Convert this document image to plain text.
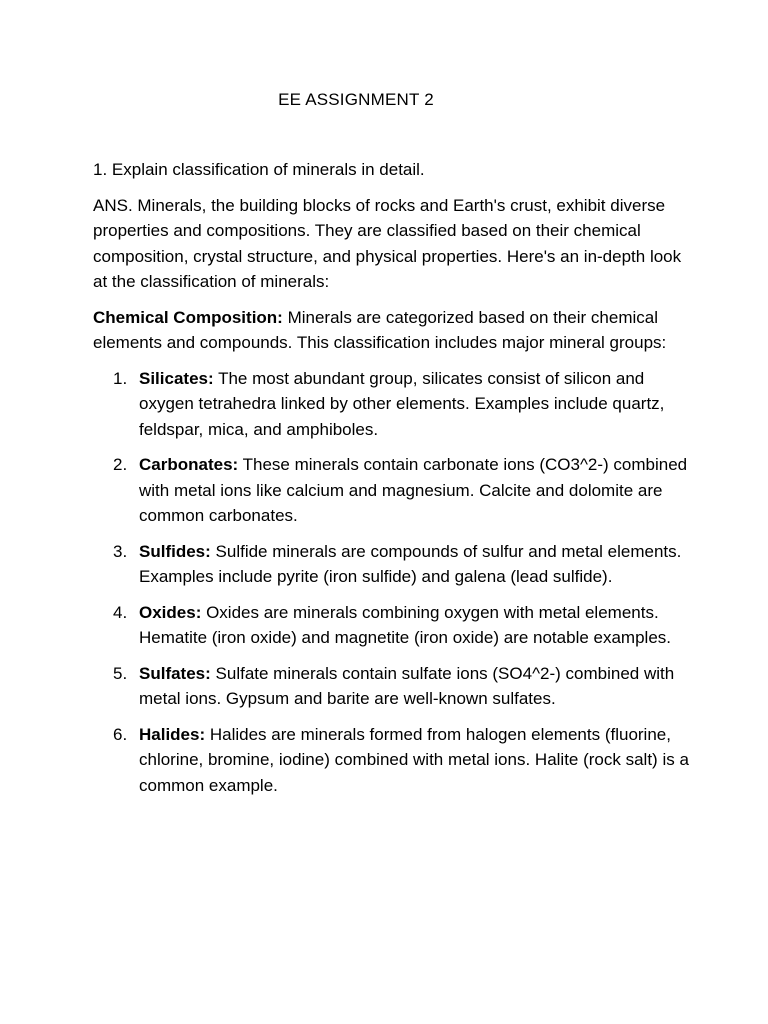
EE ASSIGNMENT 2

1. Explain classification of minerals in detail.

ANS. Minerals, the building blocks of rocks and Earth's crust, exhibit diverse properties and compositions. They are classified based on their chemical composition, crystal structure, and physical properties. Here's an in-depth look at the classification of minerals:

Chemical Composition: Minerals are categorized based on their chemical elements and compounds. This classification includes major mineral groups:

1. Silicates: The most abundant group, silicates consist of silicon and oxygen tetrahedra linked by other elements. Examples include quartz, feldspar, mica, and amphiboles.
2. Carbonates: These minerals contain carbonate ions (CO3^2-) combined with metal ions like calcium and magnesium. Calcite and dolomite are common carbonates.
3. Sulfides: Sulfide minerals are compounds of sulfur and metal elements. Examples include pyrite (iron sulfide) and galena (lead sulfide).
4. Oxides: Oxides are minerals combining oxygen with metal elements. Hematite (iron oxide) and magnetite (iron oxide) are notable examples.
5. Sulfates: Sulfate minerals contain sulfate ions (SO4^2-) combined with metal ions. Gypsum and barite are well-known sulfates.
6. Halides: Halides are minerals formed from halogen elements (fluorine, chlorine, bromine, iodine) combined with metal ions. Halite (rock salt) is a common example.
